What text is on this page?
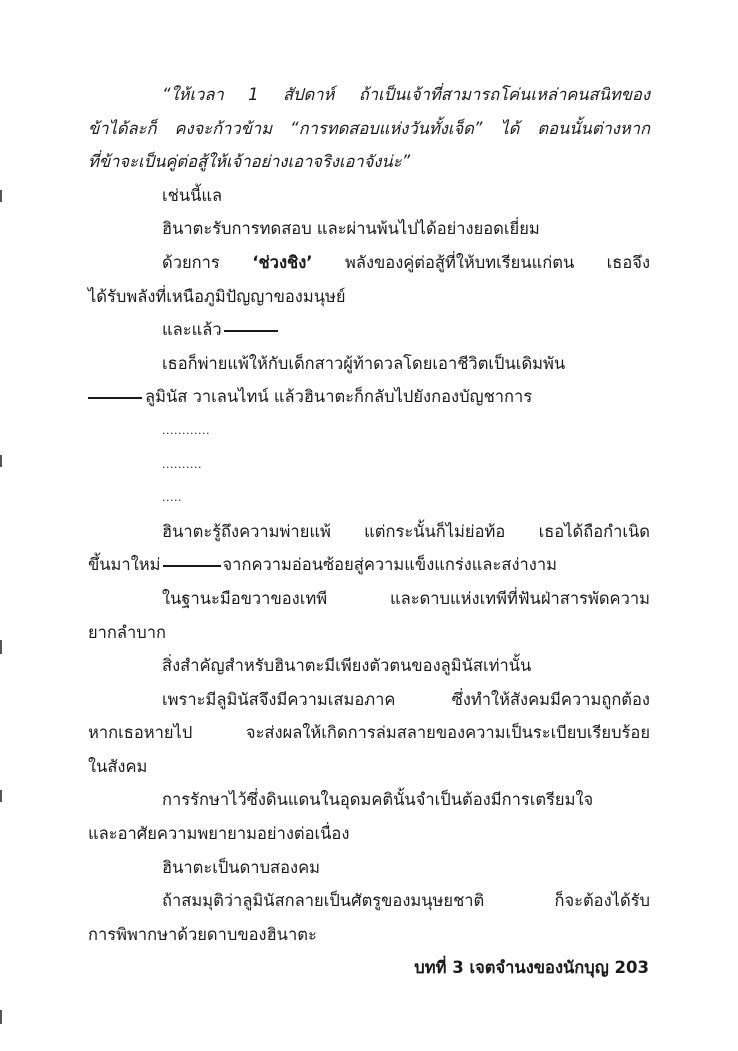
“ให้เวลา 1 สัปดาห์ ถ้าเป็นเจ้าที่สามารถโค่นเหล่าคนสนิทของ
ข้าได้ละก็ คงจะก้าวข้าม “การทดสอบแห่งวันทั้งเจ็ด” ได้ ตอนนั้นต่างหาก
ที่ข้าจะเป็นคู่ต่อสู้ให้เจ้าอย่างเอาจริงเอาจังน่ะ”
เช่นนี้แล
ฮินาตะรับการทดสอบ และผ่านพ้นไปได้อย่างยอดเยี่ยม
ด้วยการ ‘ช่วงชิง’ พลังของคู่ต่อสู้ที่ให้บทเรียนแก่ตน เธอจึง
ได้รับพลังที่เหนือภูมิปัญญาของมนุษย์
และแล้ว
เธอก็พ่ายแพ้ให้กับเด็กสาวผู้ท้าดวลโดยเอาชีวิตเป็นเดิมพัน
ลูมินัส วาเลนไทน์ แล้วฮินาตะก็กลับไปยังกองบัญชาการ
............
..........
.....
ฮินาตะรู้ถึงความพ่ายแพ้ แต่กระนั้นก็ไม่ย่อท้อ เธอได้ถือกำเนิด
ขึ้นมาใหม่	จากความอ่อนซ้อยสู่ความแข็งแกร่งและสง่างาม
ในฐานะมือขวาของเทพี และดาบแห่งเทพีที่ฟันฝ่าสารพัดความ
ยากลำบาก
สิ่งสำคัญสำหรับฮินาตะมีเพียงตัวตนของลูมินัสเท่านั้น
เพราะมีลูมินัสจึงมีความเสมอภาค ซึ่งทำให้สังคมมีความถูกต้อง
หากเธอหายไป จะส่งผลให้เกิดการล่มสลายของความเป็นระเบียบเรียบร้อย
ในสังคม
การรักษาไว้ซึ่งดินแดนในอุดมคตินั้นจำเป็นต้องมีการเตรียมใจ
และอาศัยความพยายามอย่างต่อเนื่อง
ฮินาตะเป็นดาบสองคม
ถ้าสมมุติว่าลูมินัสกลายเป็นศัตรูของมนุษยชาติ ก็จะต้องได้รับ
การพิพากษาด้วยดาบของฮินาตะ
บทที่ 3 เจตจำนงของนักบุญ 203
